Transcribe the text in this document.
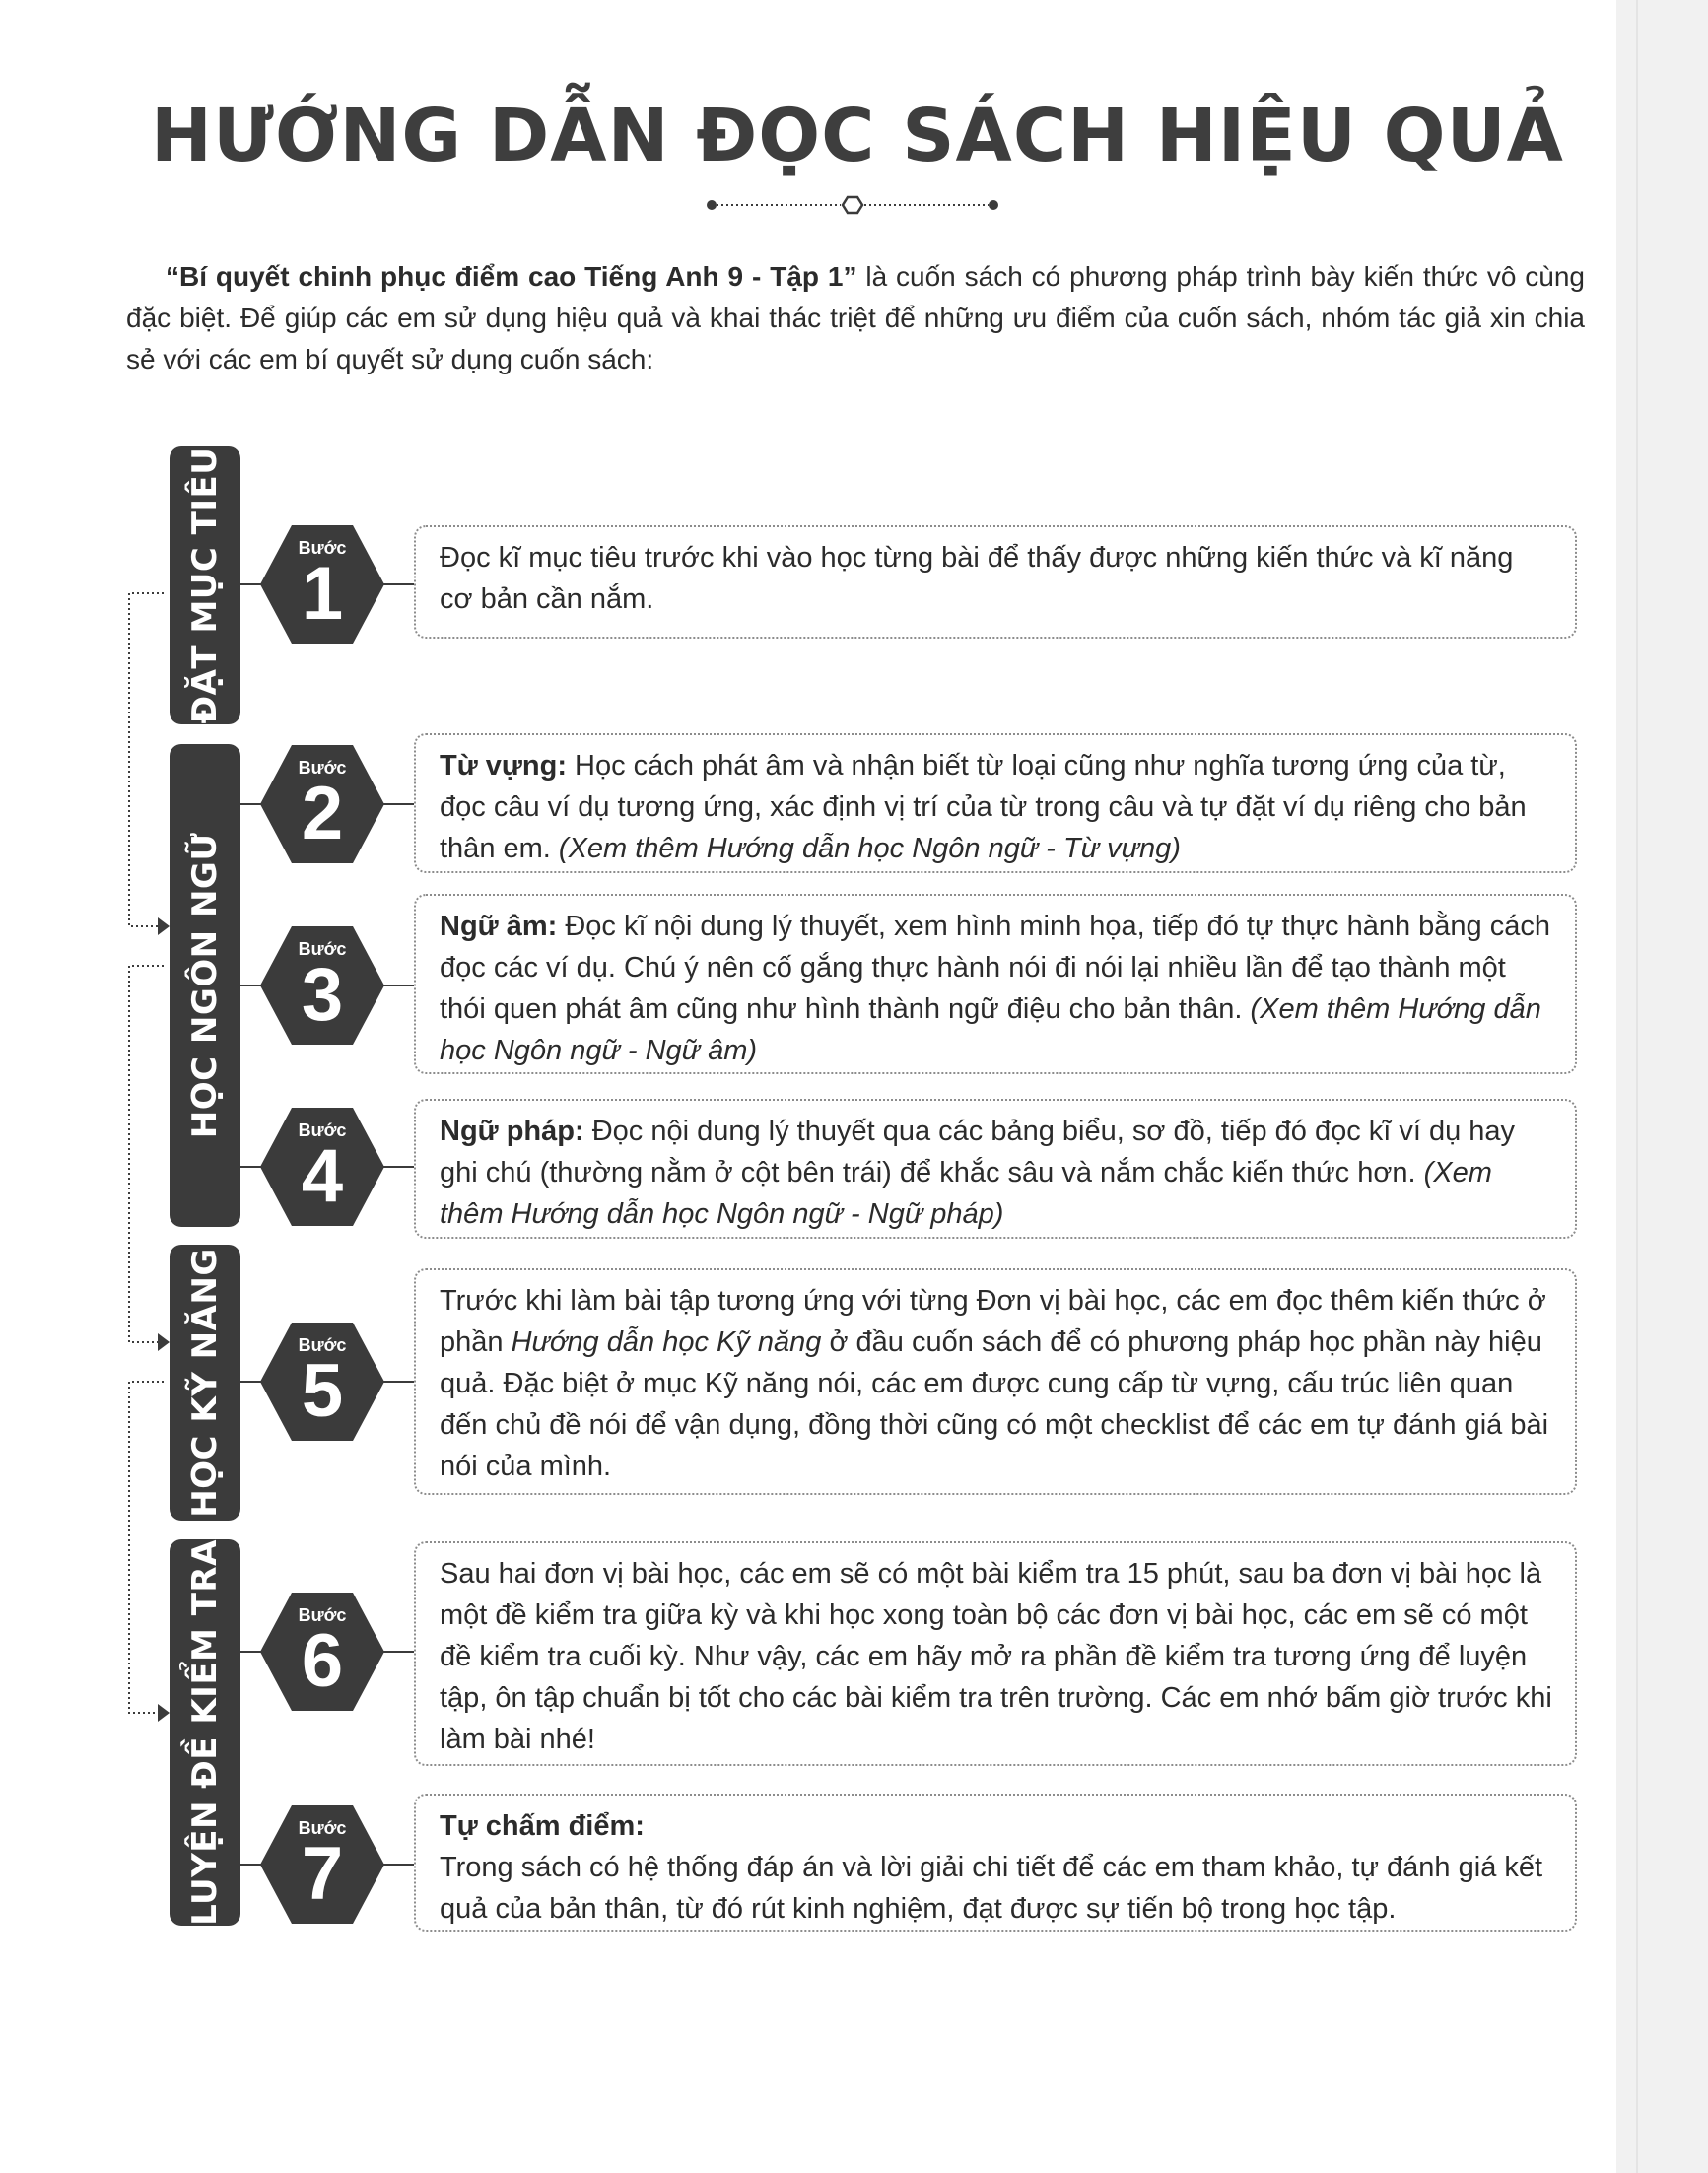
HƯỚNG DẪN ĐỌC SÁCH HIỆU QUẢ

“Bí quyết chinh phục điểm cao Tiếng Anh 9 - Tập 1” là cuốn sách có phương pháp trình bày kiến thức vô cùng đặc biệt. Để giúp các em sử dụng hiệu quả và khai thác triệt để những ưu điểm của cuốn sách, nhóm tác giả xin chia sẻ với các em bí quyết sử dụng cuốn sách:

ĐẶT MỤC TIÊU
HỌC NGÔN NGỮ
HỌC KỸ NĂNG
LUYỆN ĐỀ KIỂM TRA
Bước
1	Đọc kĩ mục tiêu trước khi vào học từng bài để thấy được những kiến thức và kĩ năng cơ bản cần nắm.
Bước
2
Từ vựng: Học cách phát âm và nhận biết từ loại cũng như nghĩa tương ứng của từ, đọc câu ví dụ tương ứng, xác định vị trí của từ trong câu và tự đặt ví dụ riêng cho bản thân em. (Xem thêm Hướng dẫn học Ngôn ngữ - Từ vựng)
Bước
3
Ngữ âm: Đọc kĩ nội dung lý thuyết, xem hình minh họa, tiếp đó tự thực hành bằng cách đọc các ví dụ. Chú ý nên cố gắng thực hành nói đi nói lại nhiều lần để tạo thành một thói quen phát âm cũng như hình thành ngữ điệu cho bản thân. (Xem thêm Hướng dẫn học Ngôn ngữ - Ngữ âm)
Bước
4
Ngữ pháp: Đọc nội dung lý thuyết qua các bảng biểu, sơ đồ, tiếp đó đọc kĩ ví dụ hay ghi chú (thường nằm ở cột bên trái) để khắc sâu và nắm chắc kiến thức hơn. (Xem thêm Hướng dẫn học Ngôn ngữ - Ngữ pháp)
Bước
5
Trước khi làm bài tập tương ứng với từng Đơn vị bài học, các em đọc thêm kiến thức ở phần Hướng dẫn học Kỹ năng ở đầu cuốn sách để có phương pháp học phần này hiệu quả. Đặc biệt ở mục Kỹ năng nói, các em được cung cấp từ vựng, cấu trúc liên quan đến chủ đề nói để vận dụng, đồng thời cũng có một checklist để các em tự đánh giá bài nói của mình.
Bước
6
Sau hai đơn vị bài học, các em sẽ có một bài kiểm tra 15 phút, sau ba đơn vị bài học là một đề kiểm tra giữa kỳ và khi học xong toàn bộ các đơn vị bài học, các em sẽ có một đề kiểm tra cuối kỳ. Như vậy, các em hãy mở ra phần đề kiểm tra tương ứng để luyện tập, ôn tập chuẩn bị tốt cho các bài kiểm tra trên trường. Các em nhớ bấm giờ trước khi làm bài nhé!
Bước
7
Tự chấm điểm:
Trong sách có hệ thống đáp án và lời giải chi tiết để các em tham khảo, tự đánh giá kết quả của bản thân, từ đó rút kinh nghiệm, đạt được sự tiến bộ trong học tập.
